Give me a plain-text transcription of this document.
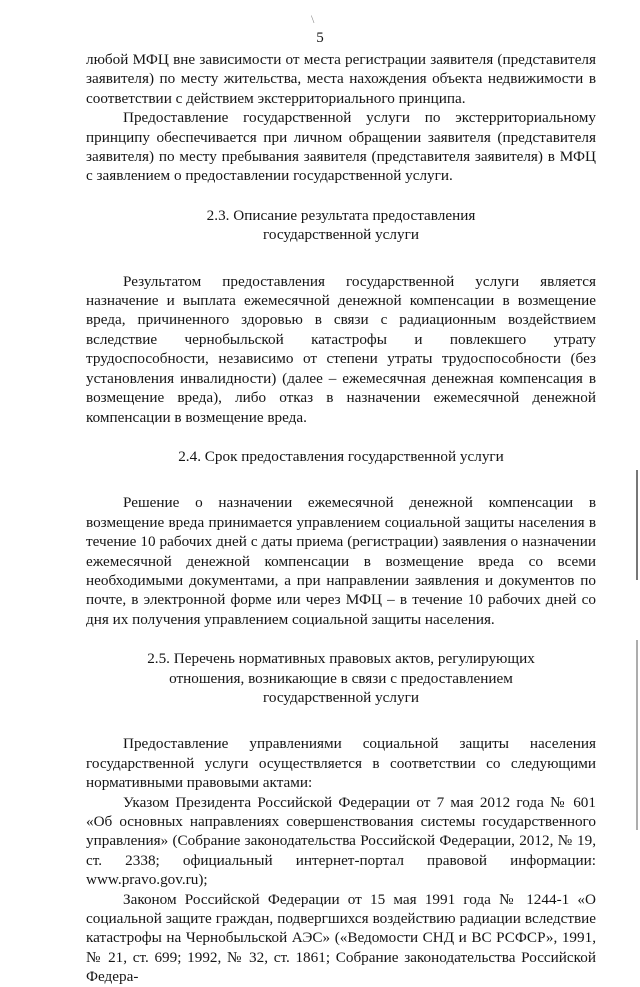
\
5

любой МФЦ вне зависимости от места регистрации заявителя (представителя заявителя) по месту жительства, места нахождения объекта недвижимости в соответствии с действием экстерриториального принципа.

Предоставление государственной услуги по экстерриториальному принципу обеспечивается при личном обращении заявителя (представителя заявителя) по месту пребывания заявителя (представителя заявителя) в МФЦ с заявлением о предоставлении государственной услуги.

2.3. Описание результата предоставления
государственной услуги

Результатом предоставления государственной услуги является назначение и выплата ежемесячной денежной компенсации в возмещение вреда, причиненного здоровью в связи с радиационным воздействием вследствие чернобыльской катастрофы и повлекшего утрату трудоспособности, независимо от степени утраты трудоспособности (без установления инвалидности) (далее – ежемесячная денежная компенсация в возмещение вреда), либо отказ в назначении ежемесячной денежной компенсации в возмещение вреда.

2.4. Срок предоставления государственной услуги

Решение о назначении ежемесячной денежной компенсации в возмещение вреда принимается управлением социальной защиты населения в течение 10 рабочих дней с даты приема (регистрации) заявления о назначении ежемесячной денежной компенсации в возмещение вреда со всеми необходимыми документами, а при направлении заявления и документов по почте, в электронной форме или через МФЦ – в течение 10 рабочих дней со дня их получения управлением социальной защиты населения.

2.5. Перечень нормативных правовых актов, регулирующих
отношения, возникающие в связи с предоставлением
государственной услуги

Предоставление управлениями социальной защиты населения государственной услуги осуществляется в соответствии со следующими нормативными правовыми актами:

Указом Президента Российской Федерации от 7 мая 2012 года № 601 «Об основных направлениях совершенствования системы государственного управления» (Собрание законодательства Российской Федерации, 2012, № 19, ст. 2338; официальный интернет-портал правовой информации: www.pravo.gov.ru);

Законом Российской Федерации от 15 мая 1991 года № 1244-1 «О социальной защите граждан, подвергшихся воздействию радиации вследствие катастрофы на Чернобыльской АЭС» («Ведомости СНД и ВС РСФСР», 1991, № 21, ст. 699; 1992, № 32, ст. 1861; Собрание законодательства Российской Федера-
